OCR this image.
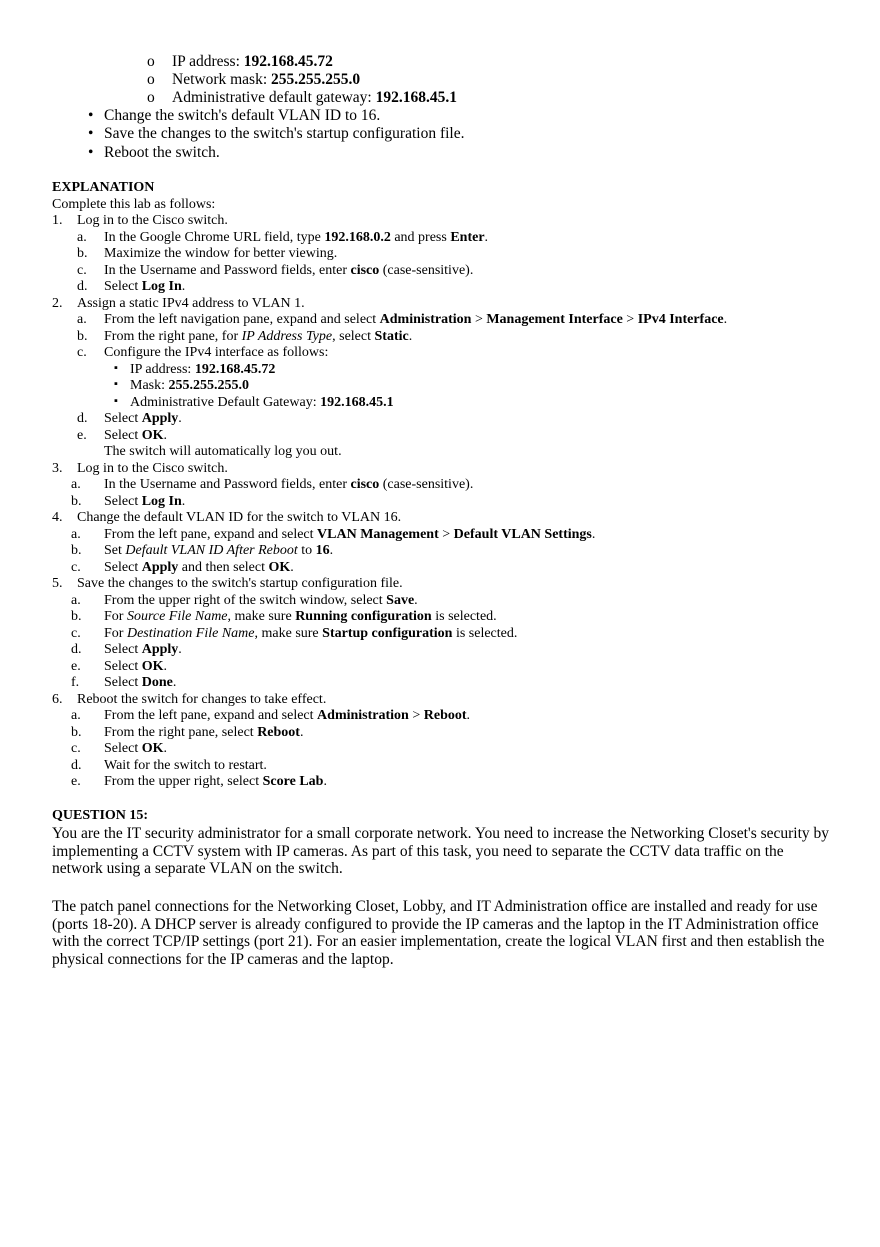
o IP address: 192.168.45.72
o Network mask: 255.255.255.0
o Administrative default gateway: 192.168.45.1
• Change the switch's default VLAN ID to 16.
• Save the changes to the switch's startup configuration file.
• Reboot the switch.
EXPLANATION
Complete this lab as follows:
1. Log in to the Cisco switch.
a. In the Google Chrome URL field, type 192.168.0.2 and press Enter.
b. Maximize the window for better viewing.
c. In the Username and Password fields, enter cisco (case-sensitive).
d. Select Log In.
2. Assign a static IPv4 address to VLAN 1.
a. From the left navigation pane, expand and select Administration > Management Interface > IPv4 Interface.
b. From the right pane, for IP Address Type, select Static.
c. Configure the IPv4 interface as follows:
▪ IP address: 192.168.45.72
▪ Mask: 255.255.255.0
▪ Administrative Default Gateway: 192.168.45.1
d. Select Apply.
e. Select OK.
The switch will automatically log you out.
3. Log in to the Cisco switch.
a. In the Username and Password fields, enter cisco (case-sensitive).
b. Select Log In.
4. Change the default VLAN ID for the switch to VLAN 16.
a. From the left pane, expand and select VLAN Management > Default VLAN Settings.
b. Set Default VLAN ID After Reboot to 16.
c. Select Apply and then select OK.
5. Save the changes to the switch's startup configuration file.
a. From the upper right of the switch window, select Save.
b. For Source File Name, make sure Running configuration is selected.
c. For Destination File Name, make sure Startup configuration is selected.
d. Select Apply.
e. Select OK.
f. Select Done.
6. Reboot the switch for changes to take effect.
a. From the left pane, expand and select Administration > Reboot.
b. From the right pane, select Reboot.
c. Select OK.
d. Wait for the switch to restart.
e. From the upper right, select Score Lab.
QUESTION 15:
You are the IT security administrator for a small corporate network. You need to increase the Networking Closet's security by implementing a CCTV system with IP cameras. As part of this task, you need to separate the CCTV data traffic on the network using a separate VLAN on the switch.
The patch panel connections for the Networking Closet, Lobby, and IT Administration office are installed and ready for use (ports 18-20). A DHCP server is already configured to provide the IP cameras and the laptop in the IT Administration office with the correct TCP/IP settings (port 21). For an easier implementation, create the logical VLAN first and then establish the physical connections for the IP cameras and the laptop.
